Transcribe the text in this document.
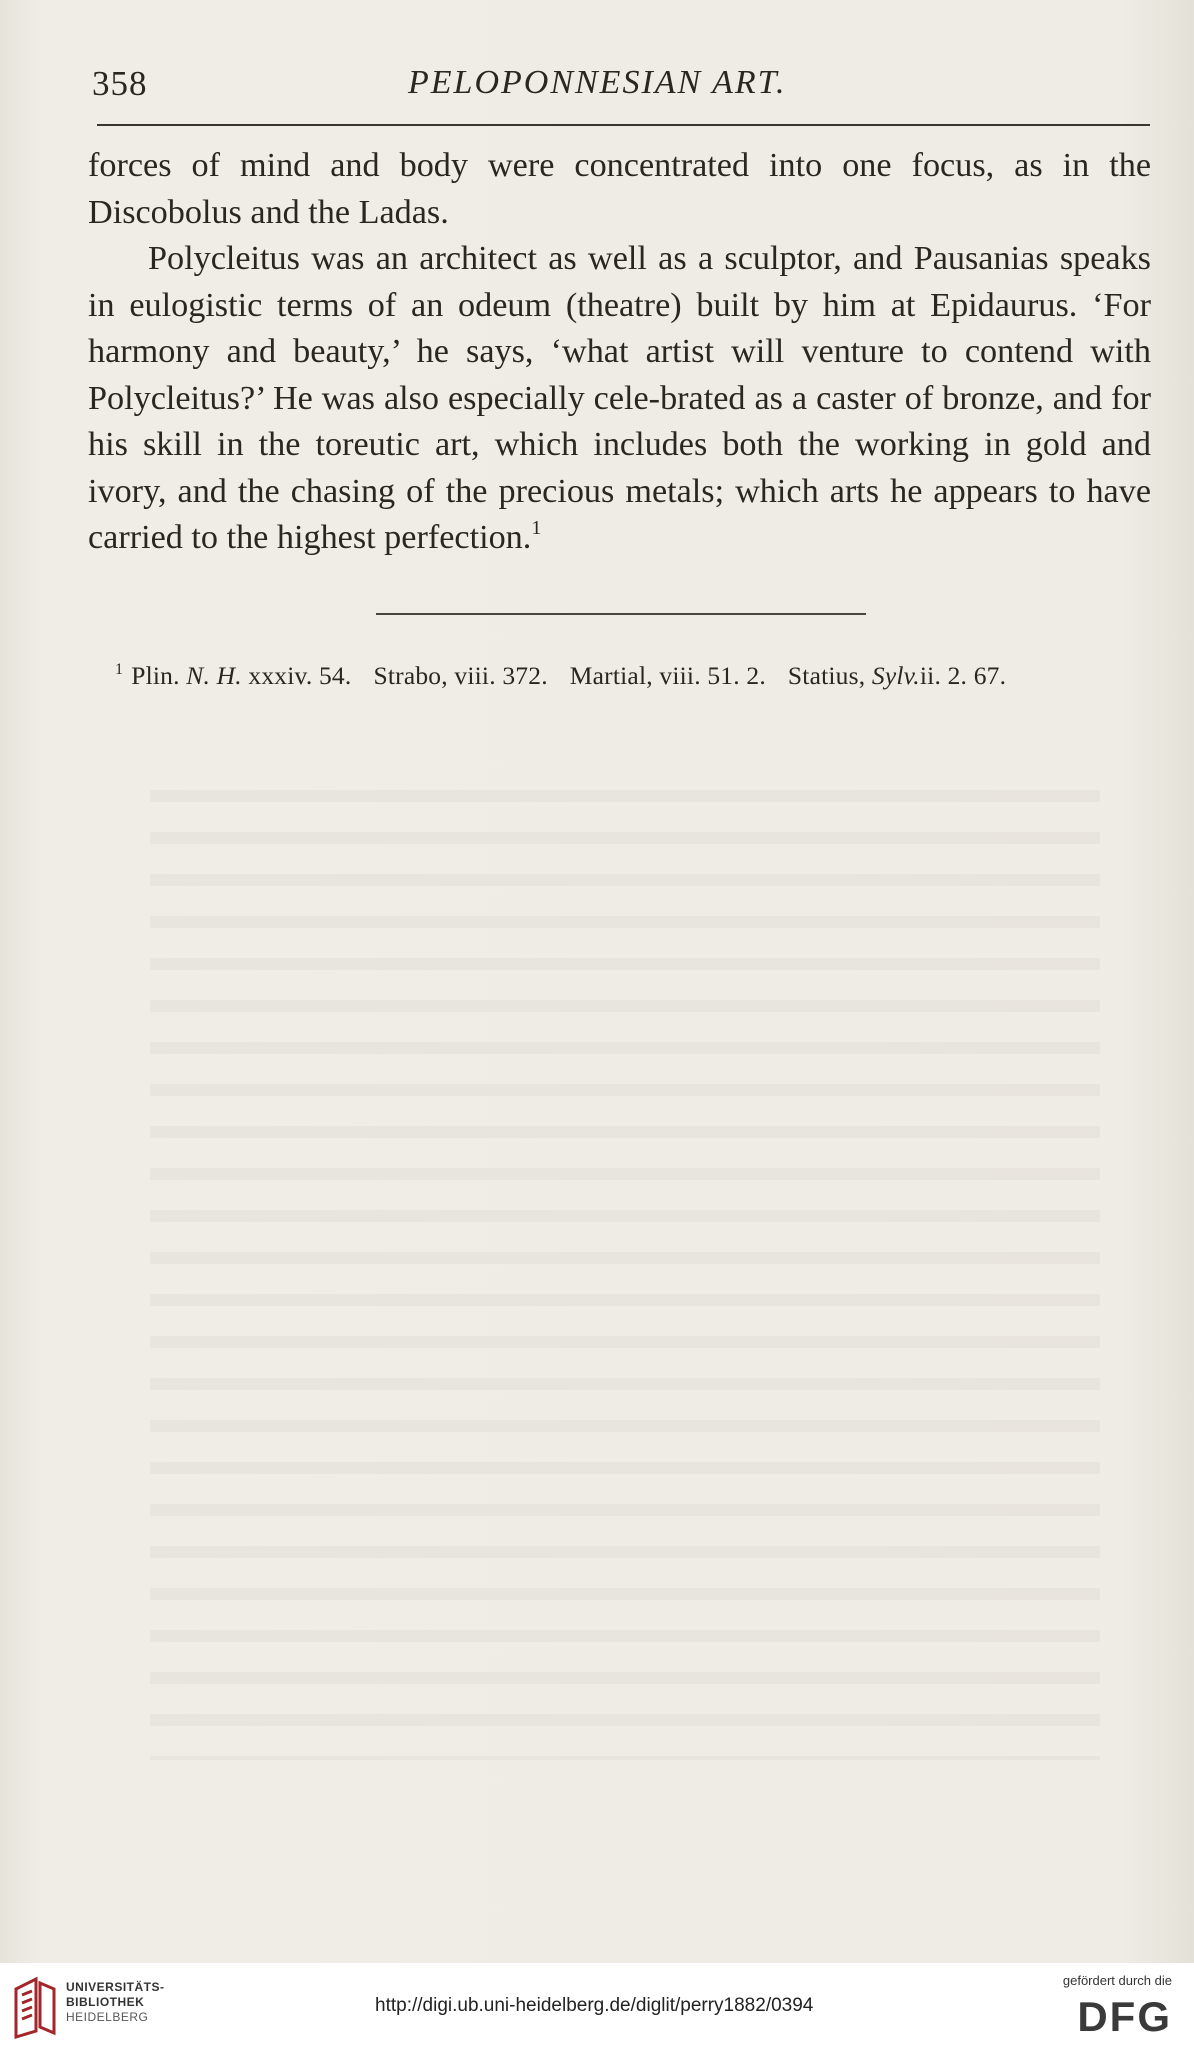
358	PELOPONNESIAN ART.

forces of mind and body were concentrated into one focus, as in the Discobolus and the Ladas.

Polycleitus was an architect as well as a sculptor, and Pausanias speaks in eulogistic terms of an odeum (theatre) built by him at Epidaurus. ‘For harmony and beauty,’ he says, ‘what artist will venture to contend with Polycleitus?’ He was also especially cele-brated as a caster of bronze, and for his skill in the toreutic art, which includes both the working in gold and ivory, and the chasing of the precious metals; which arts he appears to have carried to the highest perfection.$^1$

$^1$ Plin. N. H. xxxiv. 54. Strabo, viii. 372. Martial, viii. 51. 2. Statius, Sylv.ii. 2. 67.
UNIVERSITÄTS-
BIBLIOTHEK
HEIDELBERG
http://digi.ub.uni-heidelberg.de/diglit/perry1882/0394
gefördert durch die
DFG
